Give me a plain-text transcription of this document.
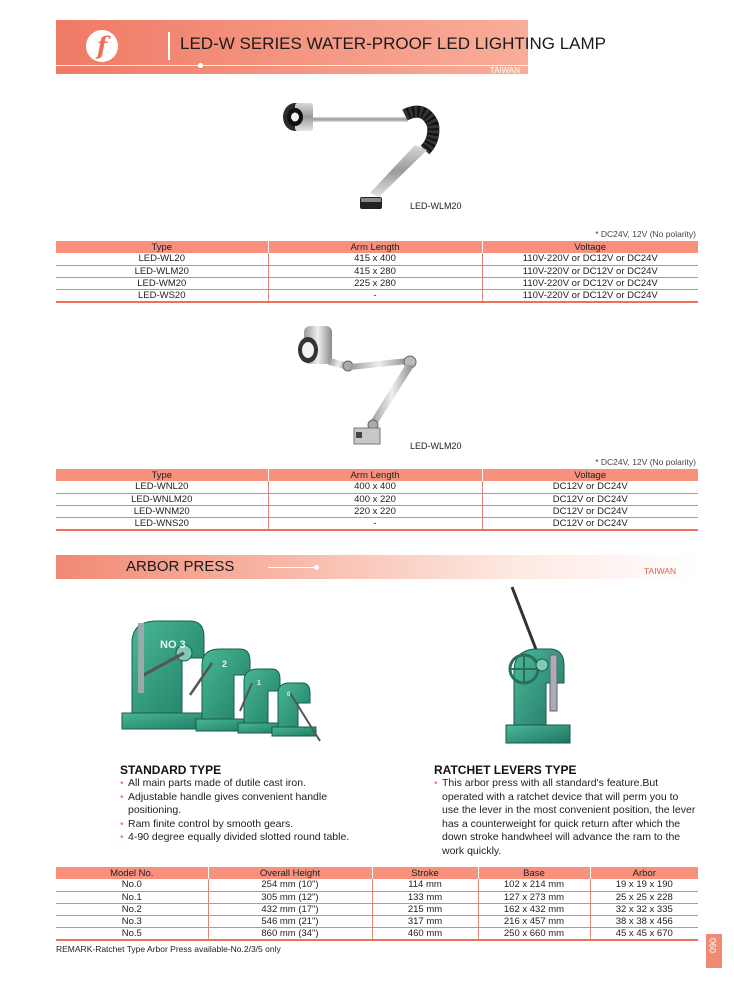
f	LED-W SERIES WATER-PROOF LED LIGHTING LAMP
TAIWAN
LED-WLM20
* DC24V, 12V (No polarity)
Type	Arm Length	Voltage
LED-WL20	415 x 400	110V-220V or DC12V or DC24V
LED-WLM20	415 x 280	110V-220V or DC12V or DC24V
LED-WM20	225 x 280	110V-220V or DC12V or DC24V
LED-WS20	-	110V-220V or DC12V or DC24V
LED-WLM20
* DC24V, 12V (No polarity)
Type	Arm Length	Voltage
LED-WNL20	400 x 400	DC12V or DC24V
LED-WNLM20	400 x 220	DC12V or DC24V
LED-WNM20	220 x 220	DC12V or DC24V
LED-WNS20	-	DC12V or DC24V
ARBOR PRESS	TAIWAN
NO 3
2
1
0
STANDARD TYPE
• All main parts made of dutile cast iron.
• Adjustable handle gives convenient handle positioning.
• Ram finite control by smooth gears.
• 4-90 degree equally divided slotted round table.
RATCHET LEVERS TYPE
• This arbor press with all standard's feature.But operated with a ratchet device that will perm you to use the lever in the most convenient position, the lever has a counterweight for quick return after which the down stroke handwheel will advance the ram to the work quickly.
Model No.	Overall Height	Stroke	Base	Arbor
No.0	254 mm (10")	114 mm	102 x 214 mm	19 x 19 x 190
No.1	305 mm (12")	133 mm	127 x 273 mm	25 x 25 x 228
No.2	432 mm (17")	215 mm	162 x 432 mm	32 x 32 x 335
No.3	546 mm (21")	317 mm	216 x 457 mm	38 x 38 x 456
No.5	860 mm (34")	460 mm	250 x 660 mm	45 x 45 x 670
REMARK-Ratchet Type Arbor Press available-No.2/3/5 only	090
